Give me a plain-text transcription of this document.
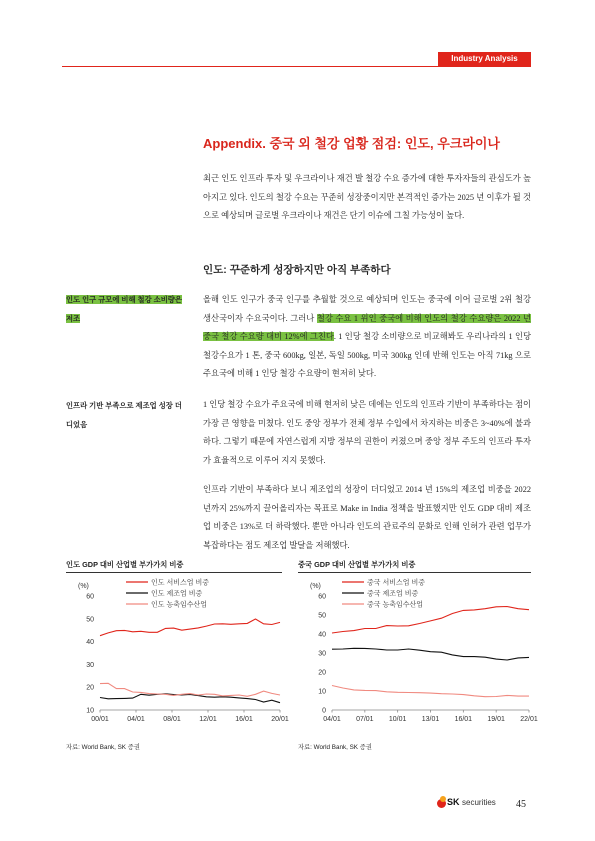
Industry Analysis
Appendix. 중국 외 철강 업황 점검: 인도, 우크라이나
최근 인도 인프라 투자 및 우크라이나 재건 발 철강 수요 증가에 대한 투자자들의 관심도가 높아지고 있다. 인도의 철강 수요는 꾸준히 성장중이지만 본격적인 증가는 2025 년 이후가 될 것으로 예상되며 글로벌 우크라이나 재건은 단기 이슈에 그칠 가능성이 높다.
인도: 꾸준하게 성장하지만 아직 부족하다
인도 인구 규모에 비해 철강 소비량은 저조
올해 인도 인구가 중국 인구를 추월할 것으로 예상되며 인도는 중국에 이어 글로벌 2위 철강 생산국이자 수요국이다. 그러나 철강 수요 1 위인 중국에 비해 인도의 철강 수요량은 2022 년 중국 철강 수요량 대비 12%에 그친다. 1 인당 철강 소비량으로 비교해봐도 우리나라의 1 인당 철강수요가 1 톤, 중국 600kg, 일본, 독일 500kg, 미국 300kg 인데 반해 인도는 아직 71kg 으로 주요국에 비해 1 인당 철강 수요량이 현저히 낮다.
인프라 기반 부족으로 제조업 성장 더디었음
1 인당 철강 수요가 주요국에 비해 현저히 낮은 데에는 인도의 인프라 기반이 부족하다는 점이 가장 큰 영향을 미쳤다. 인도 중앙 정부가 전체 정부 수입에서 차지하는 비중은 3~40%에 불과하다. 그렇기 때문에 자연스럽게 지방 정부의 권한이 커졌으며 중앙 정부 주도의 인프라 투자가 효율적으로 이루어 지지 못했다.
인프라 기반이 부족하다 보니 제조업의 성장이 더디었고 2014 년 15%의 제조업 비중을 2022 년까지 25%까지 끌어올리자는 목표로 Make in India 정책을 발표했지만 인도 GDP 대비 제조업 비중은 13%로 더 하락했다. 뿐만 아니라 인도의 관료주의 문화로 인해 인허가 관련 업무가 복잡하다는 점도 제조업 발달을 저해했다.
인도 GDP 대비 산업별 부가가치 비중	중국 GDP 대비 산업별 부가가치 비중
(%)
10
20
30
40
50
60
00/01	04/01	08/01	12/01	16/01	20/01
인도 서비스업 비중
인도 제조업 비중
인도 농축임수산업
(%)
0
10
20
30
40
50
60
04/01 07/01 10/01 13/01 16/01 19/01 22/01
중국 서비스업 비중
중국 제조업 비중
중국 농축임수산업
자료: World Bank, SK 증권	자료: World Bank, SK 증권
SK securities 45
